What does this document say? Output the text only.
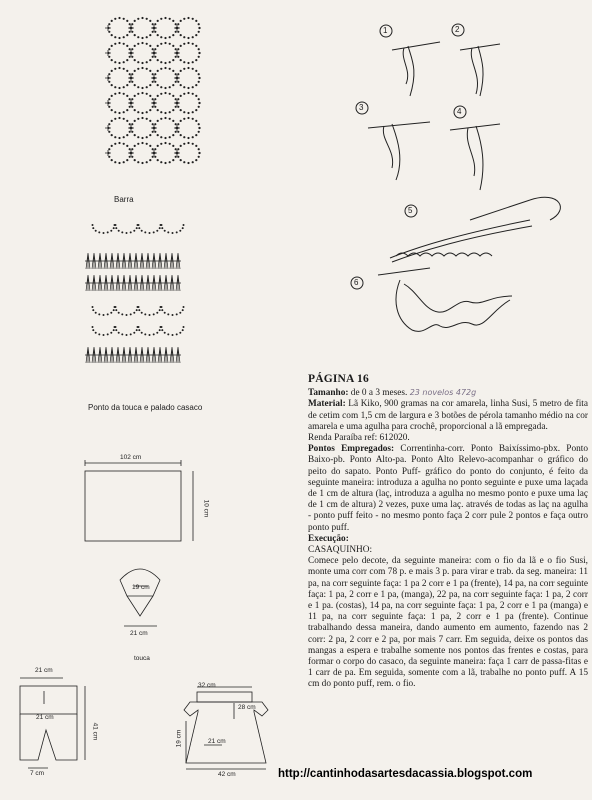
Barra
Ponto da touca e palado casaco
102 cm
10 cm
19 cm
21 cm
touca
21 cm
21 cm
41 cm
7 cm
32 cm
28 cm
19 cm	21 cm
42 cm
1	2
3	4
5
6

PÁGINA 16

Tamanho: de 0 a 3 meses. 23 novelos 472g

Material: Lã Kiko, 900 gramas na cor amarela, linha Susi, 5 metro de fita de cetim com 1,5 cm de largura e 3 botões de pérola tamanho médio na cor amarela e uma agulha para crochê, proporcional a lã empregada.

Renda Paraíba ref: 612020.

Pontos Empregados: Correntinha-corr. Ponto Baixíssimo-pbx. Ponto Baixo-pb. Ponto Alto-pa. Ponto Alto Relevo-acompanhar o gráfico do peito do sapato. Ponto Puff- gráfico do ponto do conjunto, é feito da seguinte maneira: introduza a agulha no ponto seguinte e puxe uma laçada de 1 cm de altura (laç, introduza a agulha no mesmo ponto e puxe uma laç de 1 cm de altura) 2 vezes, puxe uma laç. através de todas as laç na agulha - ponto puff feito - no mesmo ponto faça 2 corr pule 2 pontos e faça outro ponto puff.

Execução:

CASAQUINHO:

Comece pelo decote, da seguinte maneira: com o fio da lã e o fio Susi, monte uma corr com 78 p. e mais 3 p. para virar e trab. da seg. maneira: 11 pa, na corr seguinte faça: 1 pa 2 corr e 1 pa (frente), 14 pa, na corr seguinte faça: 1 pa, 2 corr e 1 pa, (manga), 22 pa, na corr seguinte faça: 1 pa, 2 corr e 1 pa. (costas), 14 pa, na corr seguinte faça: 1 pa, 2 corr e 1 pa (manga) e 11 pa, na corr seguinte faça: 1 pa, 2 corr e 1 pa (frente). Continue trabalhando dessa maneira, dando aumento em aumento, fazendo nas 2 corr: 2 pa, 2 corr e 2 pa, por mais 7 carr. Em seguida, deixe os pontos das mangas a espera e trabalhe somente nos pontos das frentes e costas, para formar o corpo do casaco, da seguinte maneira: faça 1 carr de passa-fitas e 1 carr de pa. Em seguida, somente com a lã, trabalhe no ponto puff. A 15 cm do ponto puff, rem. o fio.

http://cantinhodasartesdacassia.blogspot.com
